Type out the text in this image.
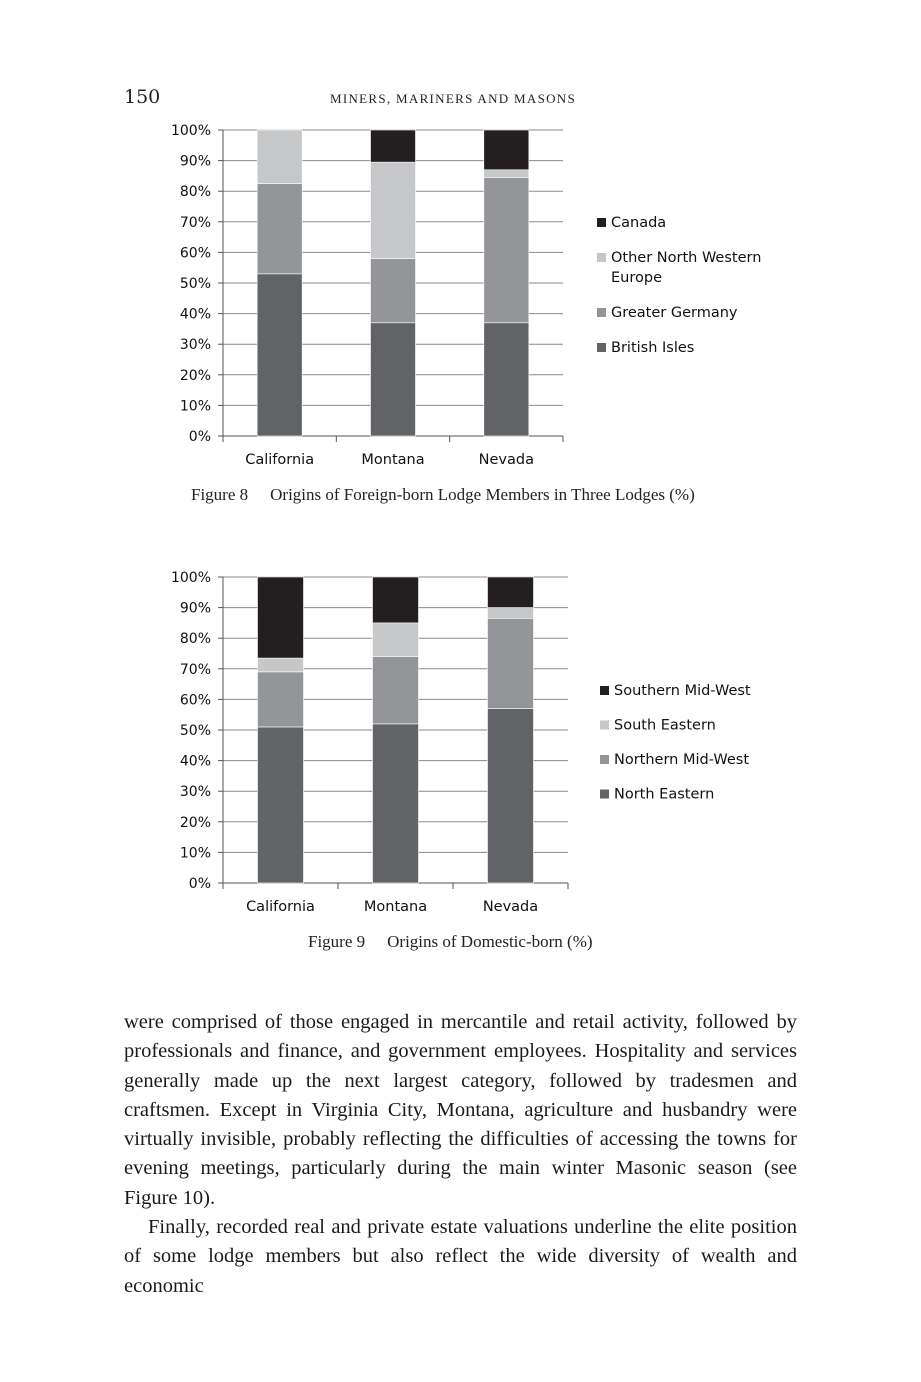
150	MINERS, MARINERS AND MASONS
0%
10%
20%
30%
40%
50%
60%
70%
80%
90%
100%
California	Montana	Nevada
Canada
Other North Western
Europe
Greater Germany
British Isles
Figure 8 Origins of Foreign-born Lodge Members in Three Lodges (%)
0%
10%
20%
30%
40%
50%
60%
70%
80%
90%
100%
California	Montana	Nevada
Southern Mid-West
South Eastern
Northern Mid-West
North Eastern
Figure 9 Origins of Domestic-born (%)

were comprised of those engaged in mercantile and retail activity, followed by professionals and finance, and government employees. Hospitality and services generally made up the next largest category, followed by tradesmen and craftsmen. Except in Virginia City, Montana, agriculture and husbandry were virtually invisible, probably reflecting the difficulties of accessing the towns for evening meetings, particularly during the main winter Masonic season (see Figure 10).

Finally, recorded real and private estate valuations underline the elite position of some lodge members but also reflect the wide diversity of wealth and economic
